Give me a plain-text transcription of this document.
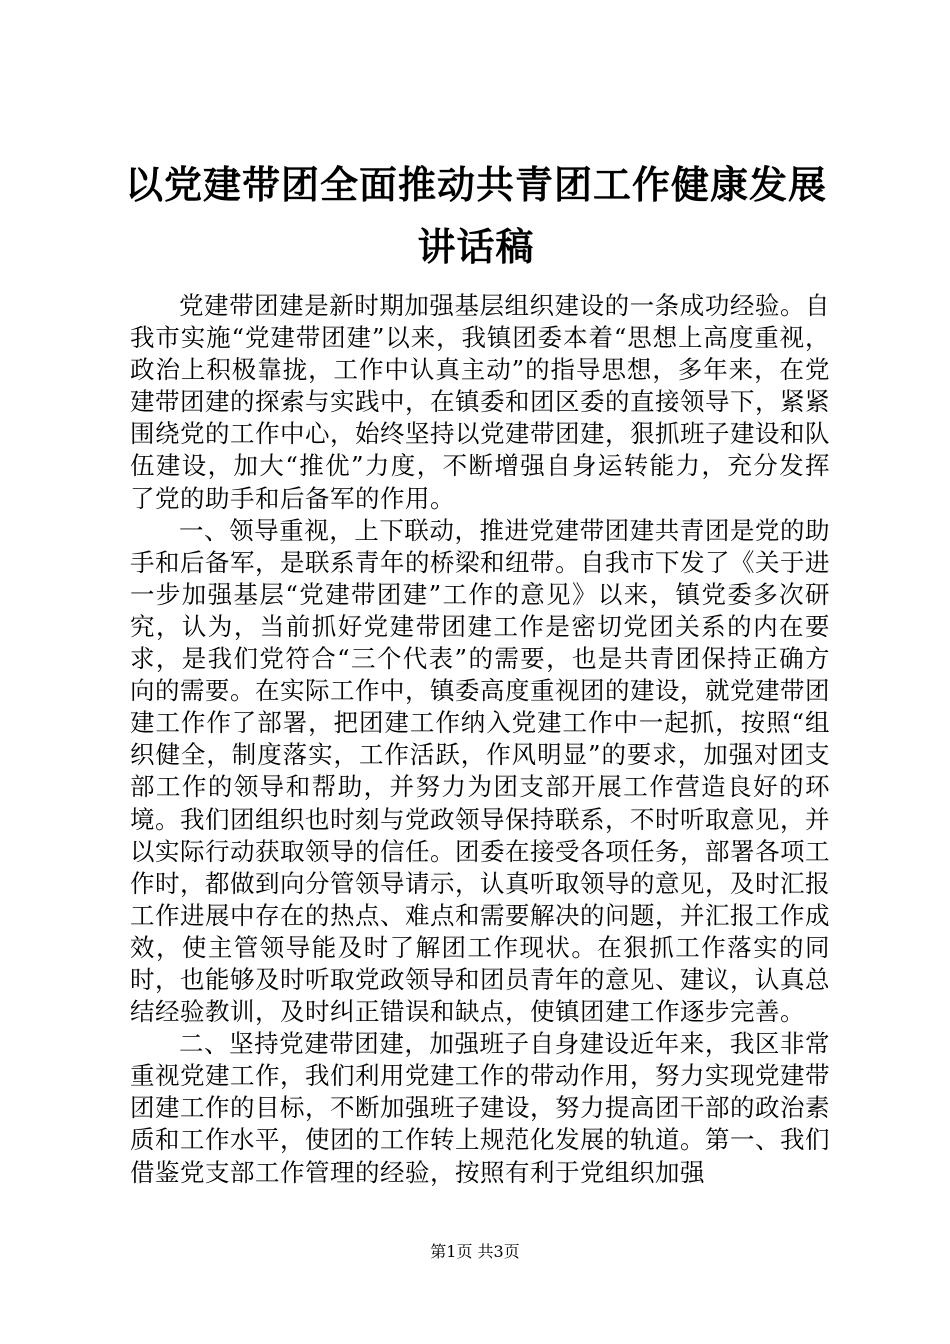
以党建带团全面推动共青团工作健康发展讲话稿

党建带团建是新时期加强基层组织建设的一条成功经验。自我市实施“党建带团建”以来，我镇团委本着“思想上高度重视，政治上积极靠拢，工作中认真主动”的指导思想，多年来，在党建带团建的探索与实践中，在镇委和团区委的直接领导下，紧紧围绕党的工作中心，始终坚持以党建带团建，狠抓班子建设和队伍建设，加大“推优”力度，不断增强自身运转能力，充分发挥了党的助手和后备军的作用。

一、领导重视，上下联动，推进党建带团建共青团是党的助手和后备军，是联系青年的桥梁和纽带。自我市下发了《关于进一步加强基层“党建带团建”工作的意见》以来，镇党委多次研究，认为，当前抓好党建带团建工作是密切党团关系的内在要求，是我们党符合“三个代表”的需要，也是共青团保持正确方向的需要。在实际工作中，镇委高度重视团的建设，就党建带团建工作作了部署，把团建工作纳入党建工作中一起抓，按照“组织健全，制度落实，工作活跃，作风明显”的要求，加强对团支部工作的领导和帮助，并努力为团支部开展工作营造良好的环境。我们团组织也时刻与党政领导保持联系，不时听取意见，并以实际行动获取领导的信任。团委在接受各项任务，部署各项工作时，都做到向分管领导请示，认真听取领导的意见，及时汇报工作进展中存在的热点、难点和需要解决的问题，并汇报工作成效，使主管领导能及时了解团工作现状。在狠抓工作落实的同时，也能够及时听取党政领导和团员青年的意见、建议，认真总结经验教训，及时纠正错误和缺点，使镇团建工作逐步完善。

二、坚持党建带团建，加强班子自身建设近年来，我区非常重视党建工作，我们利用党建工作的带动作用，努力实现党建带团建工作的目标，不断加强班子建设，努力提高团干部的政治素质和工作水平，使团的工作转上规范化发展的轨道。第一、我们借鉴党支部工作管理的经验，按照有利于党组织加强

第1页 共3页
